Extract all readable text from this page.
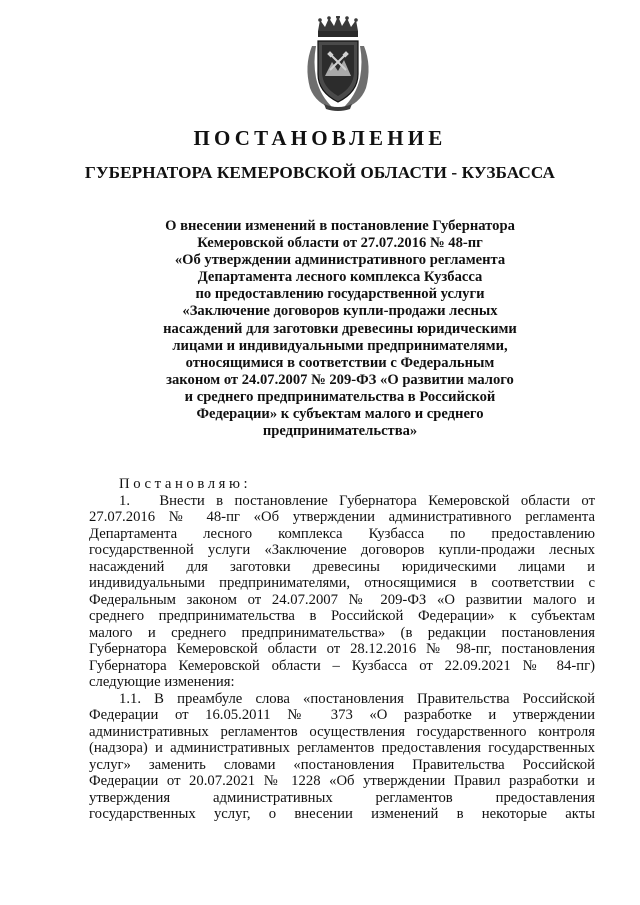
ПОСТАНОВЛЕНИЕ
ГУБЕРНАТОРА КЕМЕРОВСКОЙ ОБЛАСТИ - КУЗБАССА

О внесении изменений в постановление Губернатора
Кемеровской области от 27.07.2016 № 48-пг
«Об утверждении административного регламента
Департамента лесного комплекса Кузбасса
по предоставлению государственной услуги
«Заключение договоров купли-продажи лесных
насаждений для заготовки древесины юридическими
лицами и индивидуальными предпринимателями,
относящимися в соответствии с Федеральным
законом от 24.07.2007 № 209-ФЗ «О развитии малого
и среднего предпринимательства в Российской
Федерации» к субъектам малого и среднего
предпринимательства»

Постановляю:
1.  Внести в постановление Губернатора Кемеровской области от
27.07.2016 № 48-пг «Об утверждении административного регламента
Департамента лесного комплекса Кузбасса по предоставлению
государственной услуги «Заключение договоров купли-продажи лесных
насаждений для заготовки древесины юридическими лицами и
индивидуальными предпринимателями, относящимися в соответствии с
Федеральным законом от 24.07.2007 № 209-ФЗ «О развитии малого и
среднего предпринимательства в Российской Федерации» к субъектам
малого и среднего предпринимательства» (в редакции постановления
Губернатора Кемеровской области от 28.12.2016 № 98-пг, постановления
Губернатора Кемеровской области – Кузбасса от 22.09.2021 № 84-пг)
следующие изменения:
1.1. В преамбуле слова «постановления Правительства Российской
Федерации от 16.05.2011 № 373 «О разработке и утверждении
административных регламентов осуществления государственного контроля
(надзора) и административных регламентов предоставления государственных
услуг» заменить словами «постановления Правительства Российской
Федерации от 20.07.2021 № 1228 «Об утверждении Правил разработки и
утверждения административных регламентов предоставления
государственных услуг, о внесении изменений в некоторые акты
